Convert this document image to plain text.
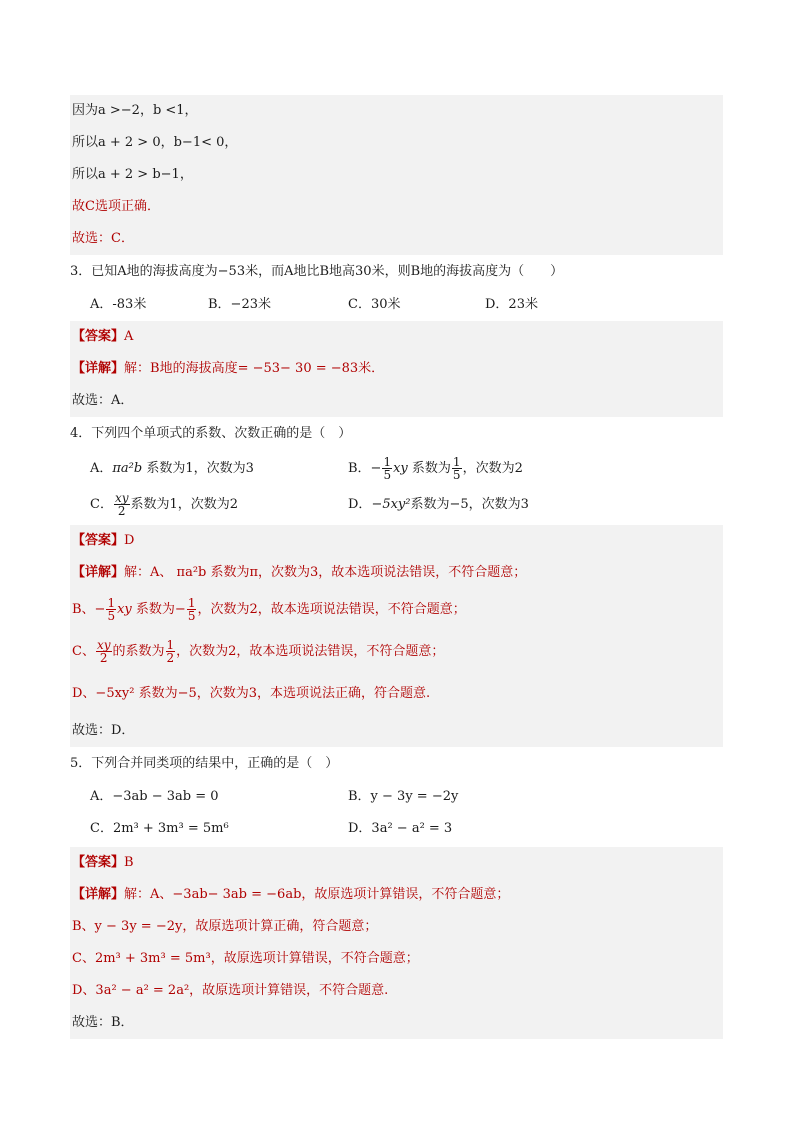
因为a >−2，b <1，
所以a + 2 > 0，b−1< 0，
所以a + 2 > b−1，
故C选项正确．
故选：C．
3．已知A地的海拔高度为−53米，而A地比B地高30米，则B地的海拔高度为（　　）
A．-83米	B．−23米	C．30米	D．23米
【答案】A
【详解】解：B地的海拔高度= −53− 30 = −83米．
故选：A．
4．下列四个单项式的系数、次数正确的是（　）
A．πa²b 系数为1，次数为3	B．− $\frac{1}{5}$ xy 系数为 $\frac{1}{5}$ ，次数为2
C． $\frac{xy}{2}$ 系数为1，次数为2	D．−5xy²系数为−5，次数为3
【答案】D
【详解】解：A、 πa²b 系数为π，次数为3，故本选项说法错误，不符合题意；
B、− $\frac{1}{5}$ xy 系数为− $\frac{1}{5}$ ，次数为2，故本选项说法错误，不符合题意；
C、 $\frac{xy}{2}$ 的系数为 $\frac{1}{2}$ ，次数为2，故本选项说法错误，不符合题意；
D、−5xy² 系数为−5，次数为3，本选项说法正确，符合题意.
故选：D．
5．下列合并同类项的结果中，正确的是（　）
A．−3ab − 3ab = 0	B．y − 3y = −2y
C．2m³ + 3m³ = 5m⁶	D．3a² − a² = 3
【答案】B
【详解】解：A、−3ab− 3ab = −6ab，故原选项计算错误，不符合题意；
B、y − 3y = −2y，故原选项计算正确，符合题意；
C、2m³ + 3m³ = 5m³，故原选项计算错误，不符合题意；
D、3a² − a² = 2a²，故原选项计算错误，不符合题意.
故选：B．
